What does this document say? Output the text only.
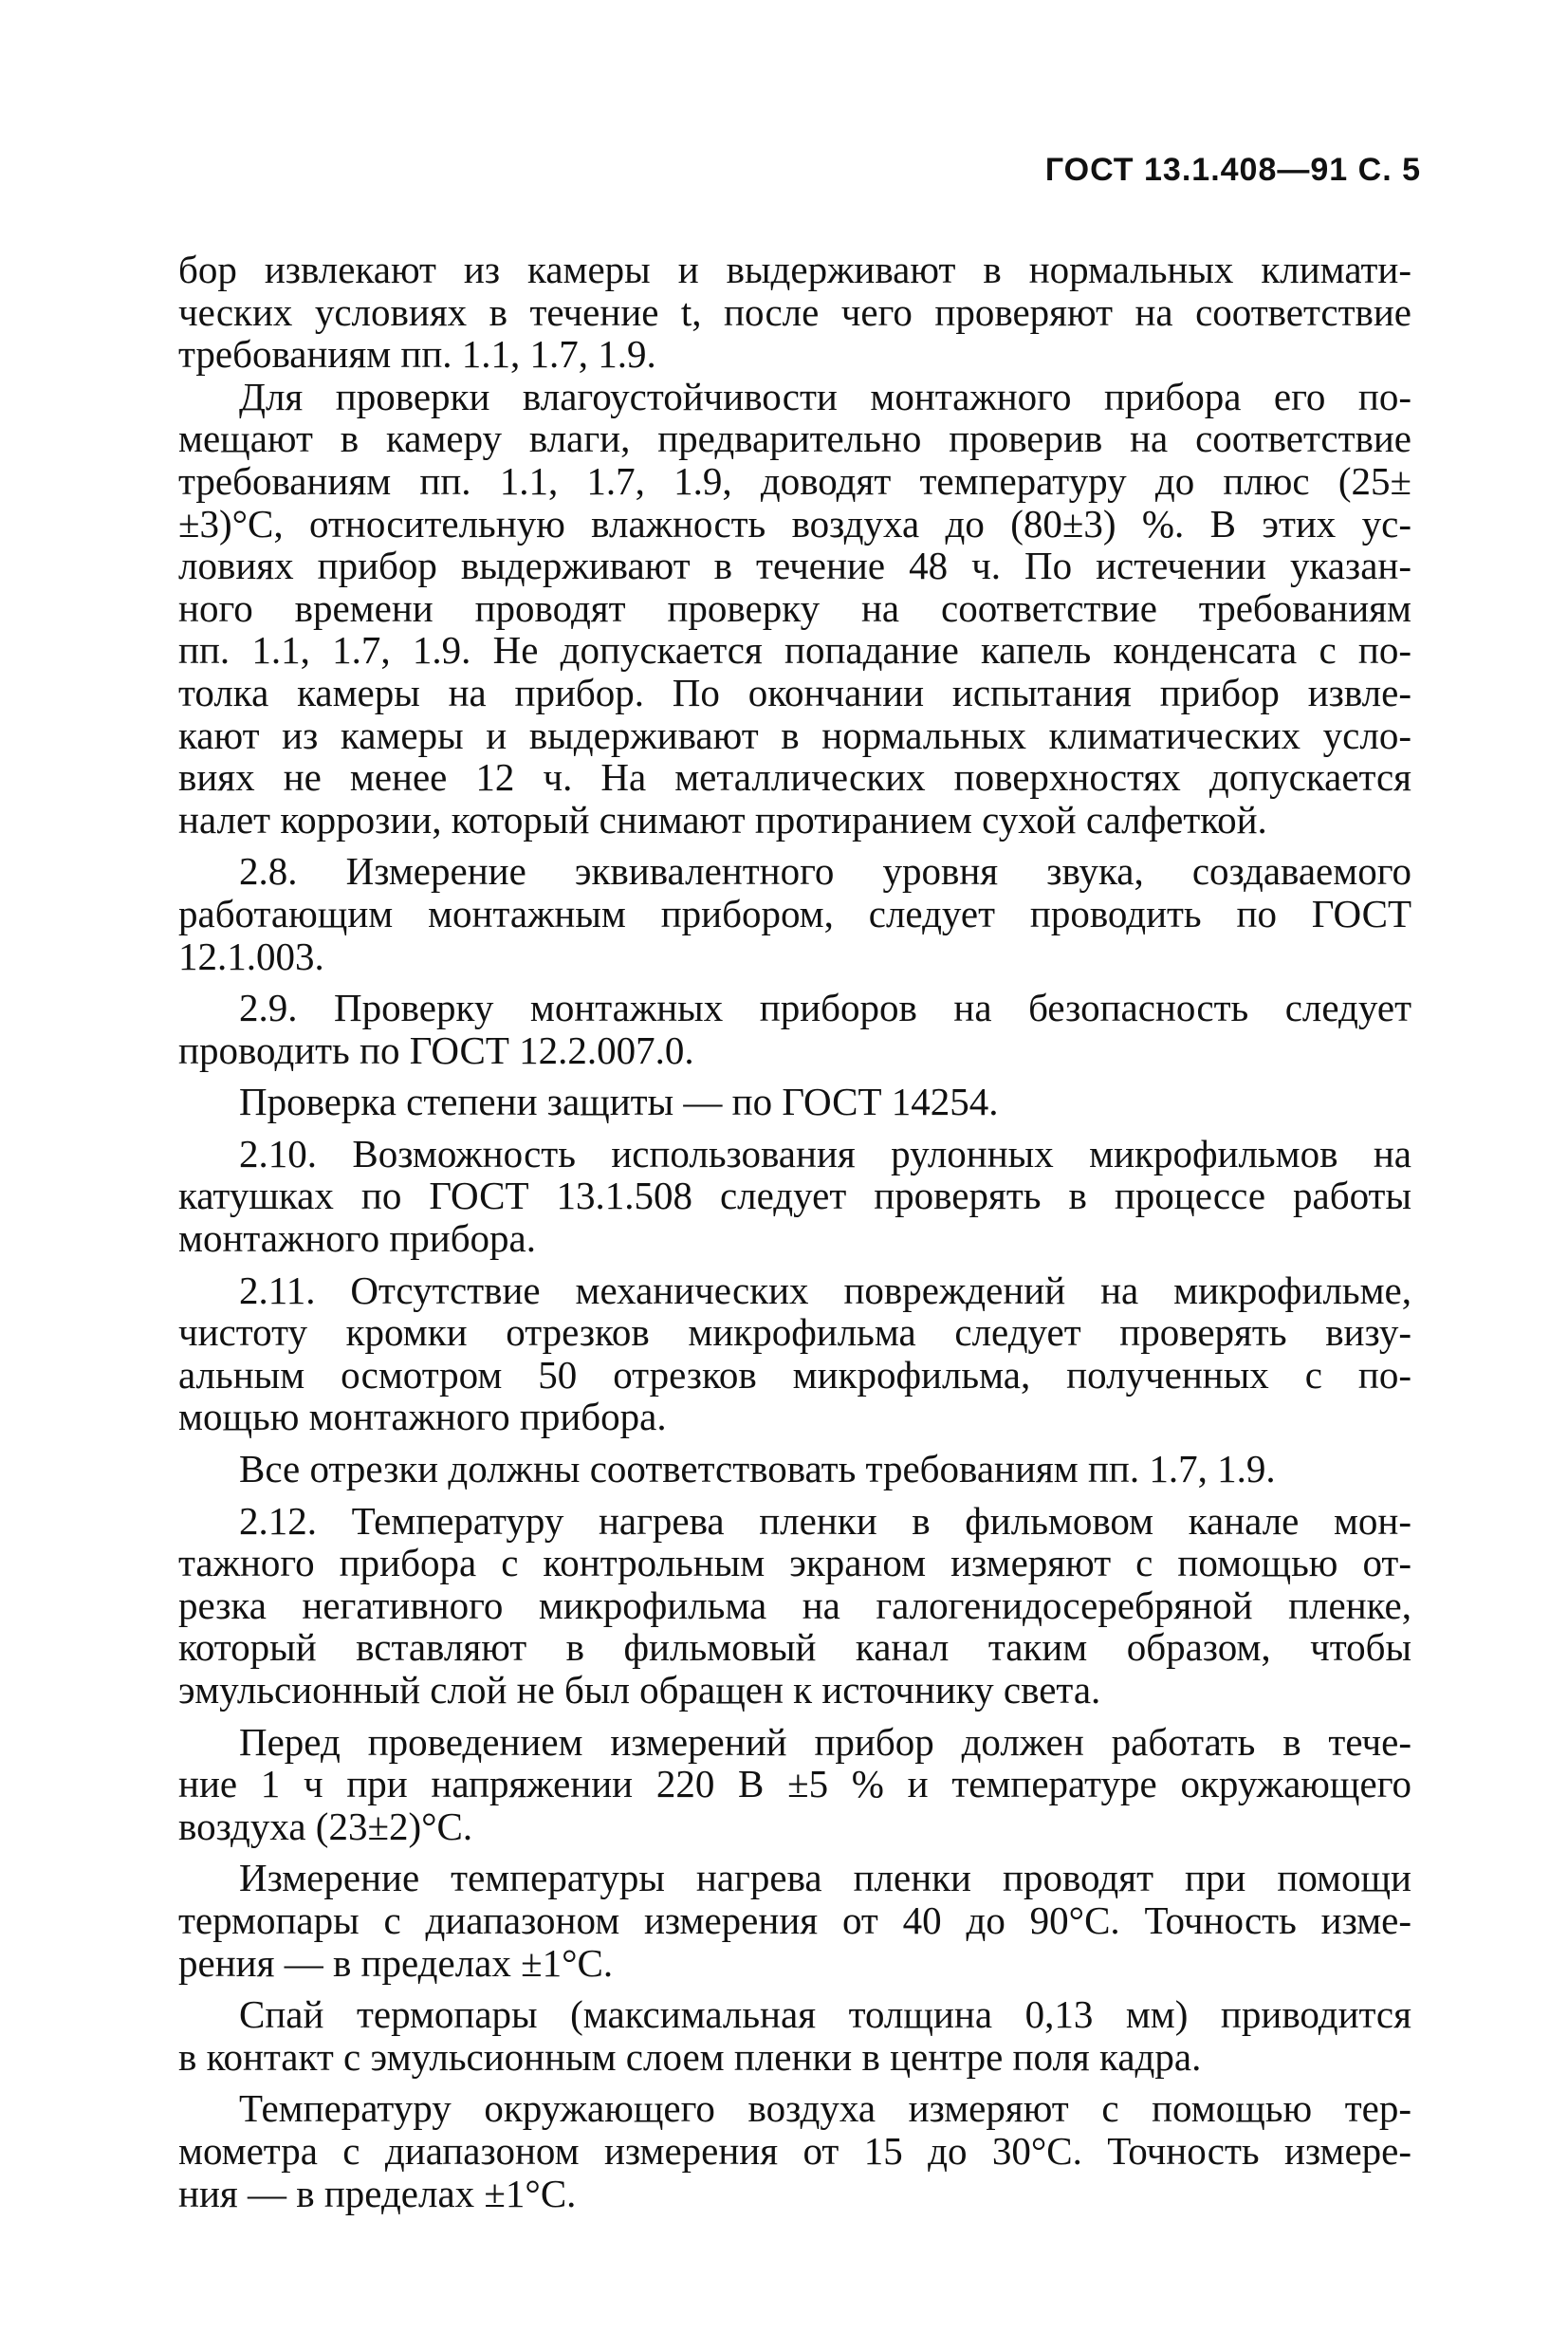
ГОСТ 13.1.408—91 С. 5

бор извлекают из камеры и выдерживают в нормальных климати-
ческих условиях в течение t, после чего проверяют на соответствие
требованиям пп. 1.1, 1.7, 1.9.

Для проверки влагоустойчивости монтажного прибора его по-
мещают в камеру влаги, предварительно проверив на соответствие
требованиям пп. 1.1, 1.7, 1.9, доводят температуру до плюс (25±
±3)°С, относительную влажность воздуха до (80±3) %. В этих ус-
ловиях прибор выдерживают в течение 48 ч. По истечении указан-
ного времени проводят проверку на соответствие требованиям
пп. 1.1, 1.7, 1.9. Не допускается попадание капель конденсата с по-
толка камеры на прибор. По окончании испытания прибор извле-
кают из камеры и выдерживают в нормальных климатических усло-
виях не менее 12 ч. На металлических поверхностях допускается
налет коррозии, который снимают протиранием сухой салфеткой.

2.8. Измерение эквивалентного уровня звука, создаваемого
работающим монтажным прибором, следует проводить по ГОСТ
12.1.003.

2.9. Проверку монтажных приборов на безопасность следует
проводить по ГОСТ 12.2.007.0.

Проверка степени защиты — по ГОСТ 14254.

2.10. Возможность использования рулонных микрофильмов на
катушках по ГОСТ 13.1.508 следует проверять в процессе работы
монтажного прибора.

2.11. Отсутствие механических повреждений на микрофильме,
чистоту кромки отрезков микрофильма следует проверять визу-
альным осмотром 50 отрезков микрофильма, полученных с по-
мощью монтажного прибора.

Все отрезки должны соответствовать требованиям пп. 1.7, 1.9.

2.12. Температуру нагрева пленки в фильмовом канале мон-
тажного прибора с контрольным экраном измеряют с помощью от-
резка негативного микрофильма на галогенидосеребряной пленке,
который вставляют в фильмовый канал таким образом, чтобы
эмульсионный слой не был обращен к источнику света.

Перед проведением измерений прибор должен работать в тече-
ние 1 ч при напряжении 220 В ±5 % и температуре окружающего
воздуха (23±2)°С.

Измерение температуры нагрева пленки проводят при помощи
термопары с диапазоном измерения от 40 до 90°С. Точность изме-
рения — в пределах ±1°С.

Спай термопары (максимальная толщина 0,13 мм) приводится
в контакт с эмульсионным слоем пленки в центре поля кадра.

Температуру окружающего воздуха измеряют с помощью тер-
мометра с диапазоном измерения от 15 до 30°С. Точность измере-
ния — в пределах ±1°С.
